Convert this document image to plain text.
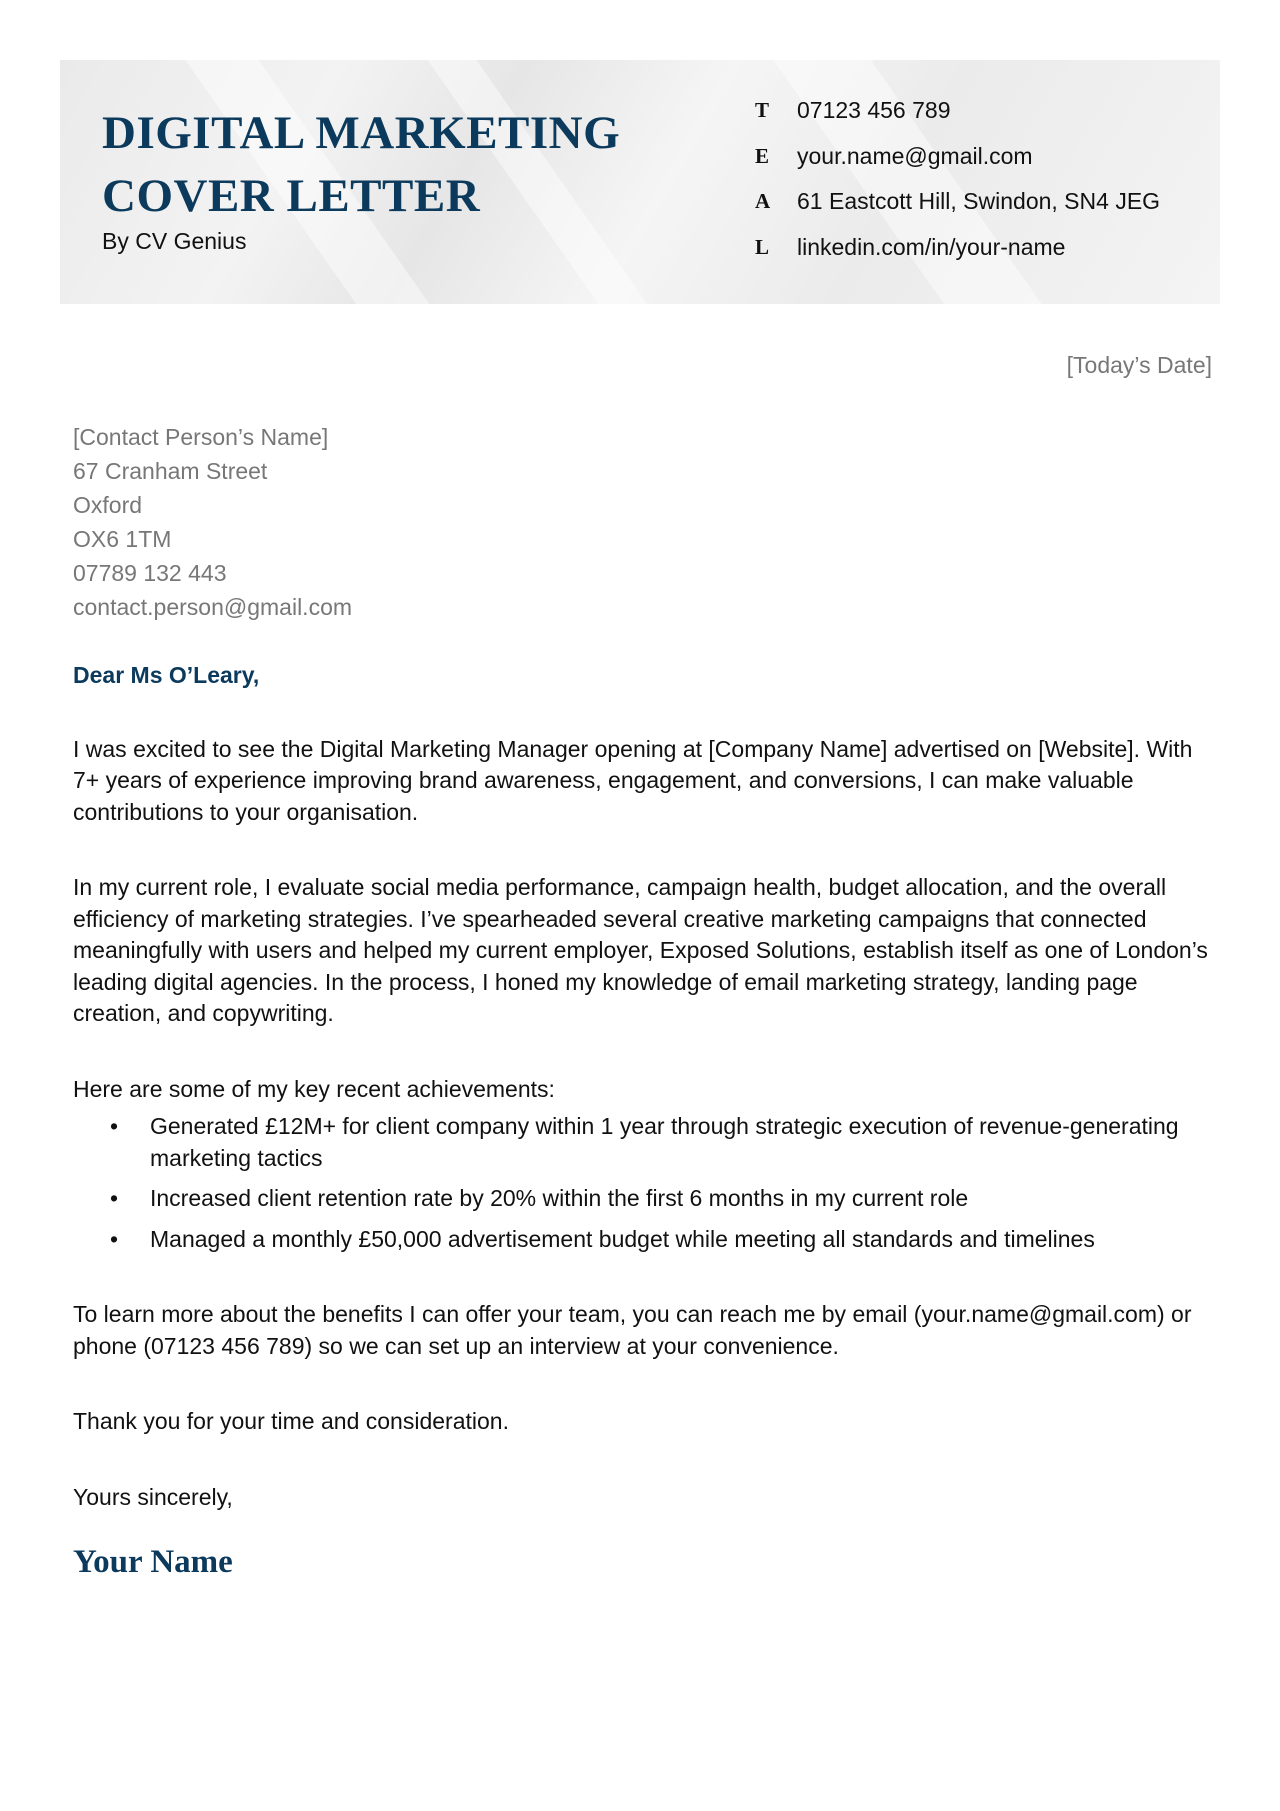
DIGITAL MARKETING
COVER LETTER
By CV Genius
T	07123 456 789
E	your.name@gmail.com
A	61 Eastcott Hill, Swindon, SN4 JEG
L	linkedin.com/in/your-name
[Today’s Date]
[Contact Person’s Name]
67 Cranham Street
Oxford
OX6 1TM
07789 132 443
contact.person@gmail.com

Dear Ms O’Leary,

I was excited to see the Digital Marketing Manager opening at [Company Name] advertised on [Website]. With 7+ years of experience improving brand awareness, engagement, and conversions, I can make valuable contributions to your organisation.

In my current role, I evaluate social media performance, campaign health, budget allocation, and the overall efficiency of marketing strategies. I’ve spearheaded several creative marketing campaigns that connected meaningfully with users and helped my current employer, Exposed Solutions, establish itself as one of London’s leading digital agencies. In the process, I honed my knowledge of email marketing strategy, landing page creation, and copywriting.

Here are some of my key recent achievements:

• Generated £12M+ for client company within 1 year through strategic execution of revenue-generating marketing tactics
• Increased client retention rate by 20% within the first 6 months in my current role
• Managed a monthly £50,000 advertisement budget while meeting all standards and timelines

To learn more about the benefits I can offer your team, you can reach me by email (your.name@gmail.com) or phone (07123 456 789) so we can set up an interview at your convenience.

Thank you for your time and consideration.

Yours sincerely,

Your Name
